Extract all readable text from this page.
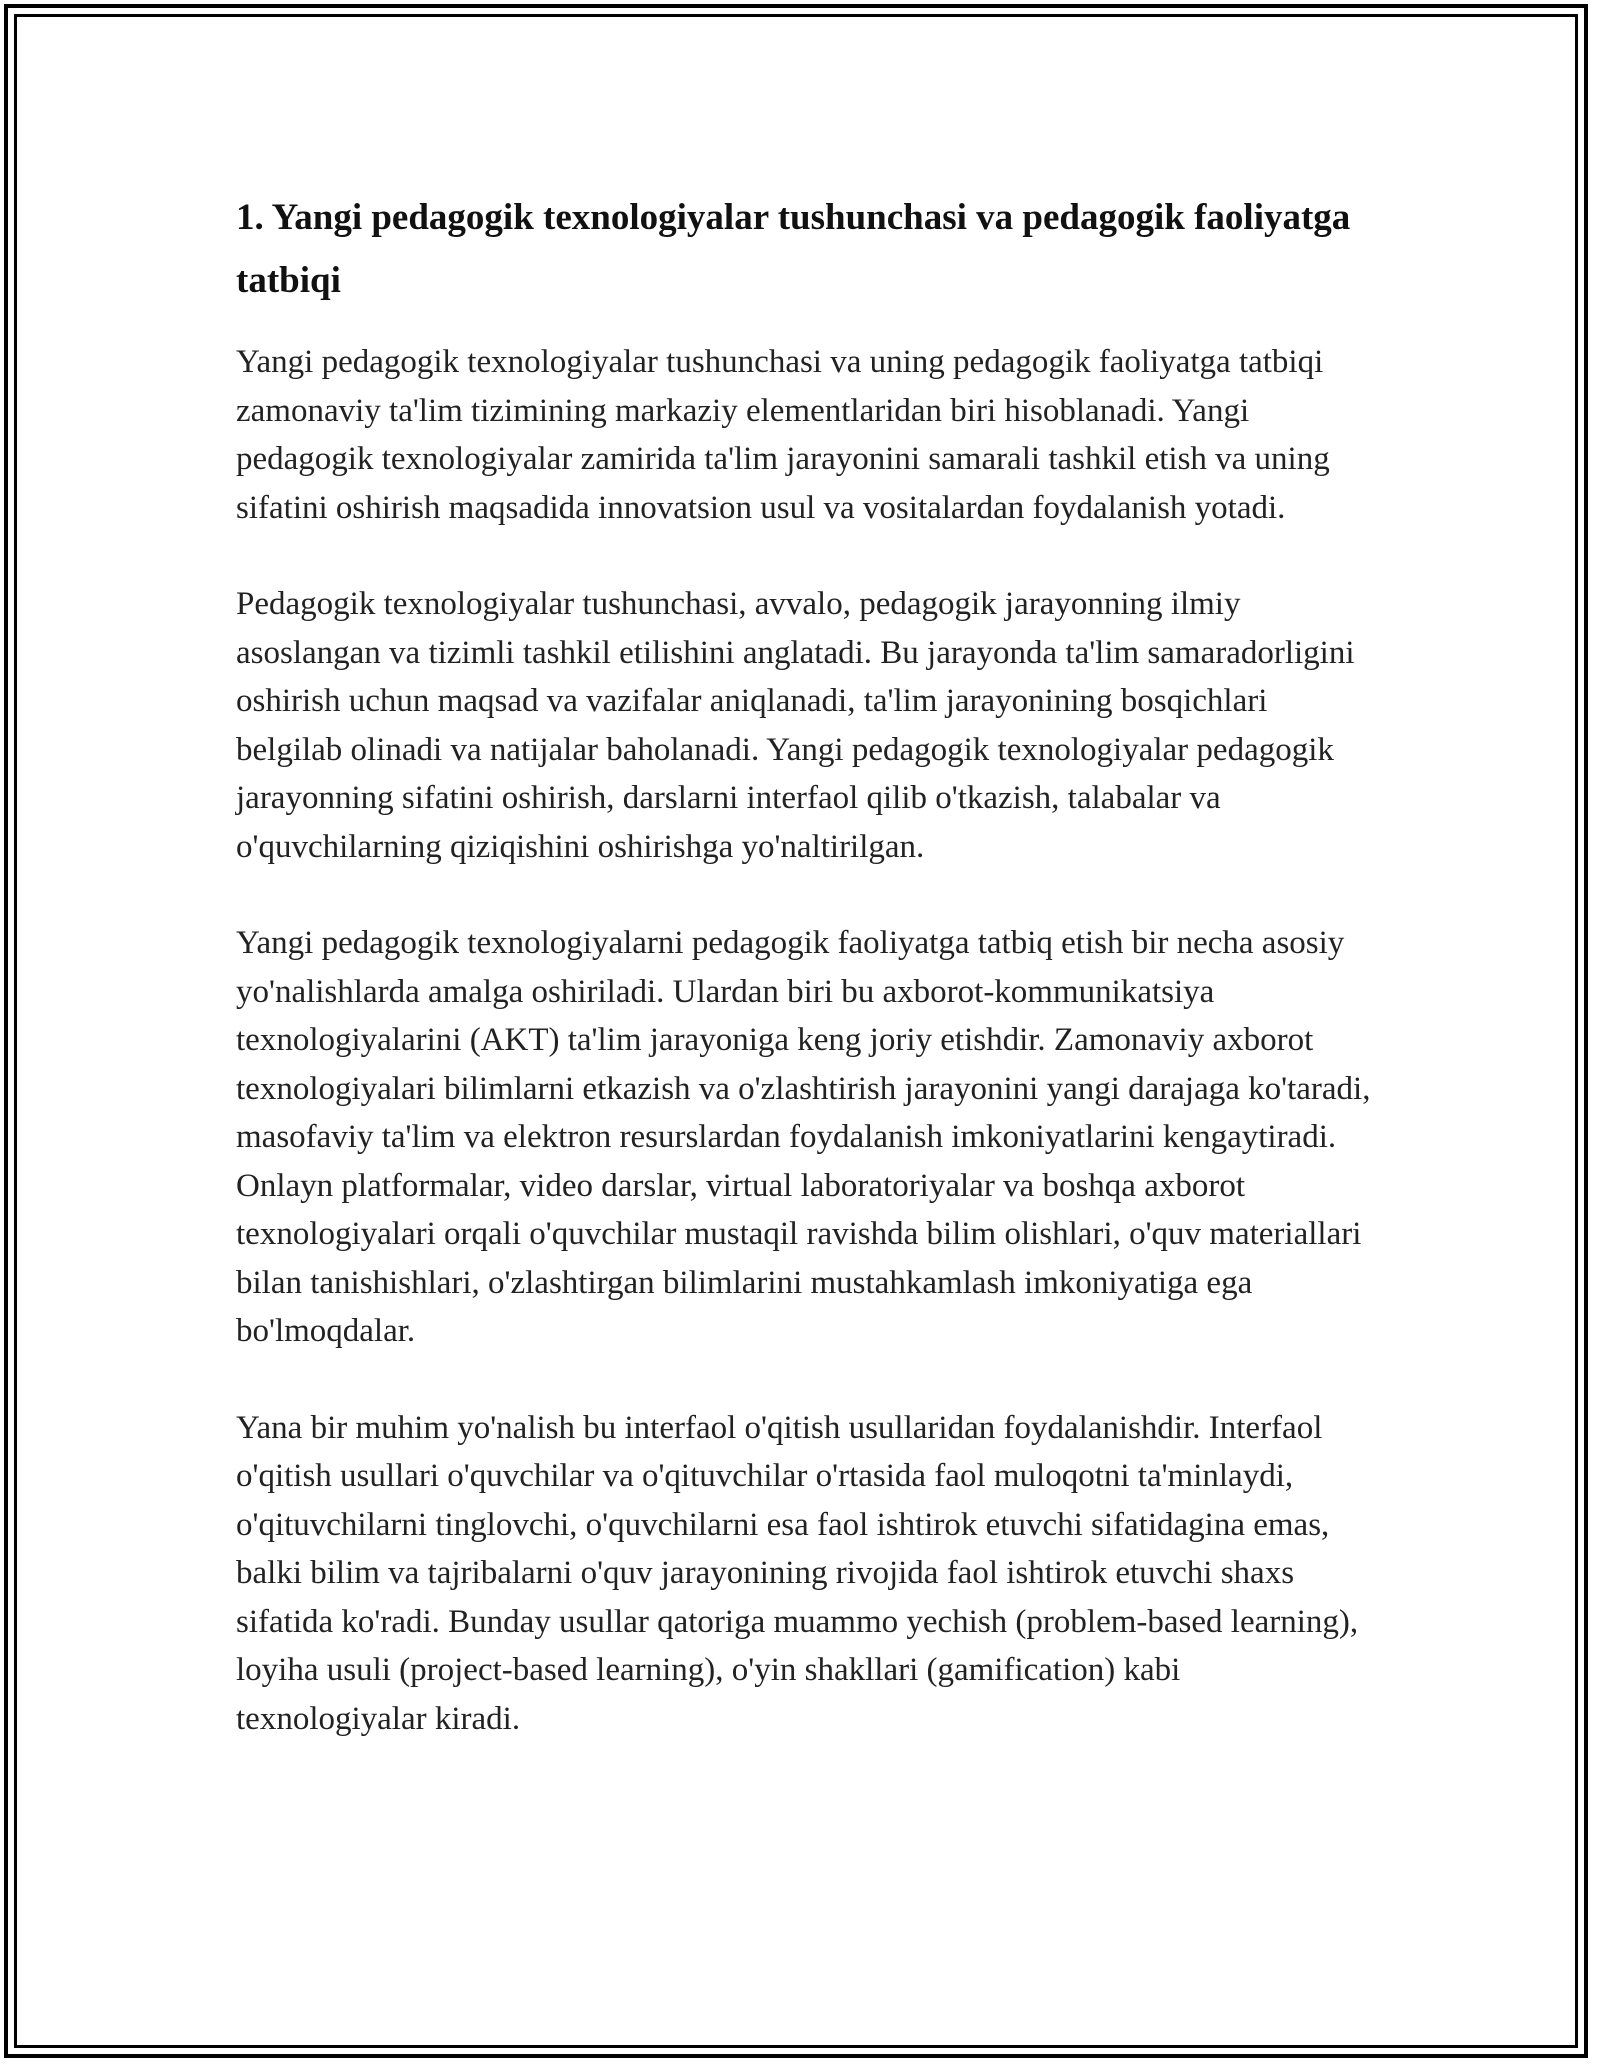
1. Yangi pedagogik texnologiyalar tushunchasi va pedagogik faoliyatga tatbiqi

Yangi pedagogik texnologiyalar tushunchasi va uning pedagogik faoliyatga tatbiqi zamonaviy ta'lim tizimining markaziy elementlaridan biri hisoblanadi. Yangi pedagogik texnologiyalar zamirida ta'lim jarayonini samarali tashkil etish va uning sifatini oshirish maqsadida innovatsion usul va vositalardan foydalanish yotadi.

Pedagogik texnologiyalar tushunchasi, avvalo, pedagogik jarayonning ilmiy asoslangan va tizimli tashkil etilishini anglatadi. Bu jarayonda ta'lim samaradorligini oshirish uchun maqsad va vazifalar aniqlanadi, ta'lim jarayonining bosqichlari belgilab olinadi va natijalar baholanadi. Yangi pedagogik texnologiyalar pedagogik jarayonning sifatini oshirish, darslarni interfaol qilib o'tkazish, talabalar va o'quvchilarning qiziqishini oshirishga yo'naltirilgan.

Yangi pedagogik texnologiyalarni pedagogik faoliyatga tatbiq etish bir necha asosiy yo'nalishlarda amalga oshiriladi. Ulardan biri bu axborot-kommunikatsiya texnologiyalarini (AKT) ta'lim jarayoniga keng joriy etishdir. Zamonaviy axborot texnologiyalari bilimlarni etkazish va o'zlashtirish jarayonini yangi darajaga ko'taradi, masofaviy ta'lim va elektron resurslardan foydalanish imkoniyatlarini kengaytiradi. Onlayn platformalar, video darslar, virtual laboratoriyalar va boshqa axborot texnologiyalari orqali o'quvchilar mustaqil ravishda bilim olishlari, o'quv materiallari bilan tanishishlari, o'zlashtirgan bilimlarini mustahkamlash imkoniyatiga ega bo'lmoqdalar.

Yana bir muhim yo'nalish bu interfaol o'qitish usullaridan foydalanishdir. Interfaol o'qitish usullari o'quvchilar va o'qituvchilar o'rtasida faol muloqotni ta'minlaydi, o'qituvchilarni tinglovchi, o'quvchilarni esa faol ishtirok etuvchi sifatidagina emas, balki bilim va tajribalarni o'quv jarayonining rivojida faol ishtirok etuvchi shaxs sifatida ko'radi. Bunday usullar qatoriga muammo yechish (problem-based learning), loyiha usuli (project-based learning), o'yin shakllari (gamification) kabi texnologiyalar kiradi.
